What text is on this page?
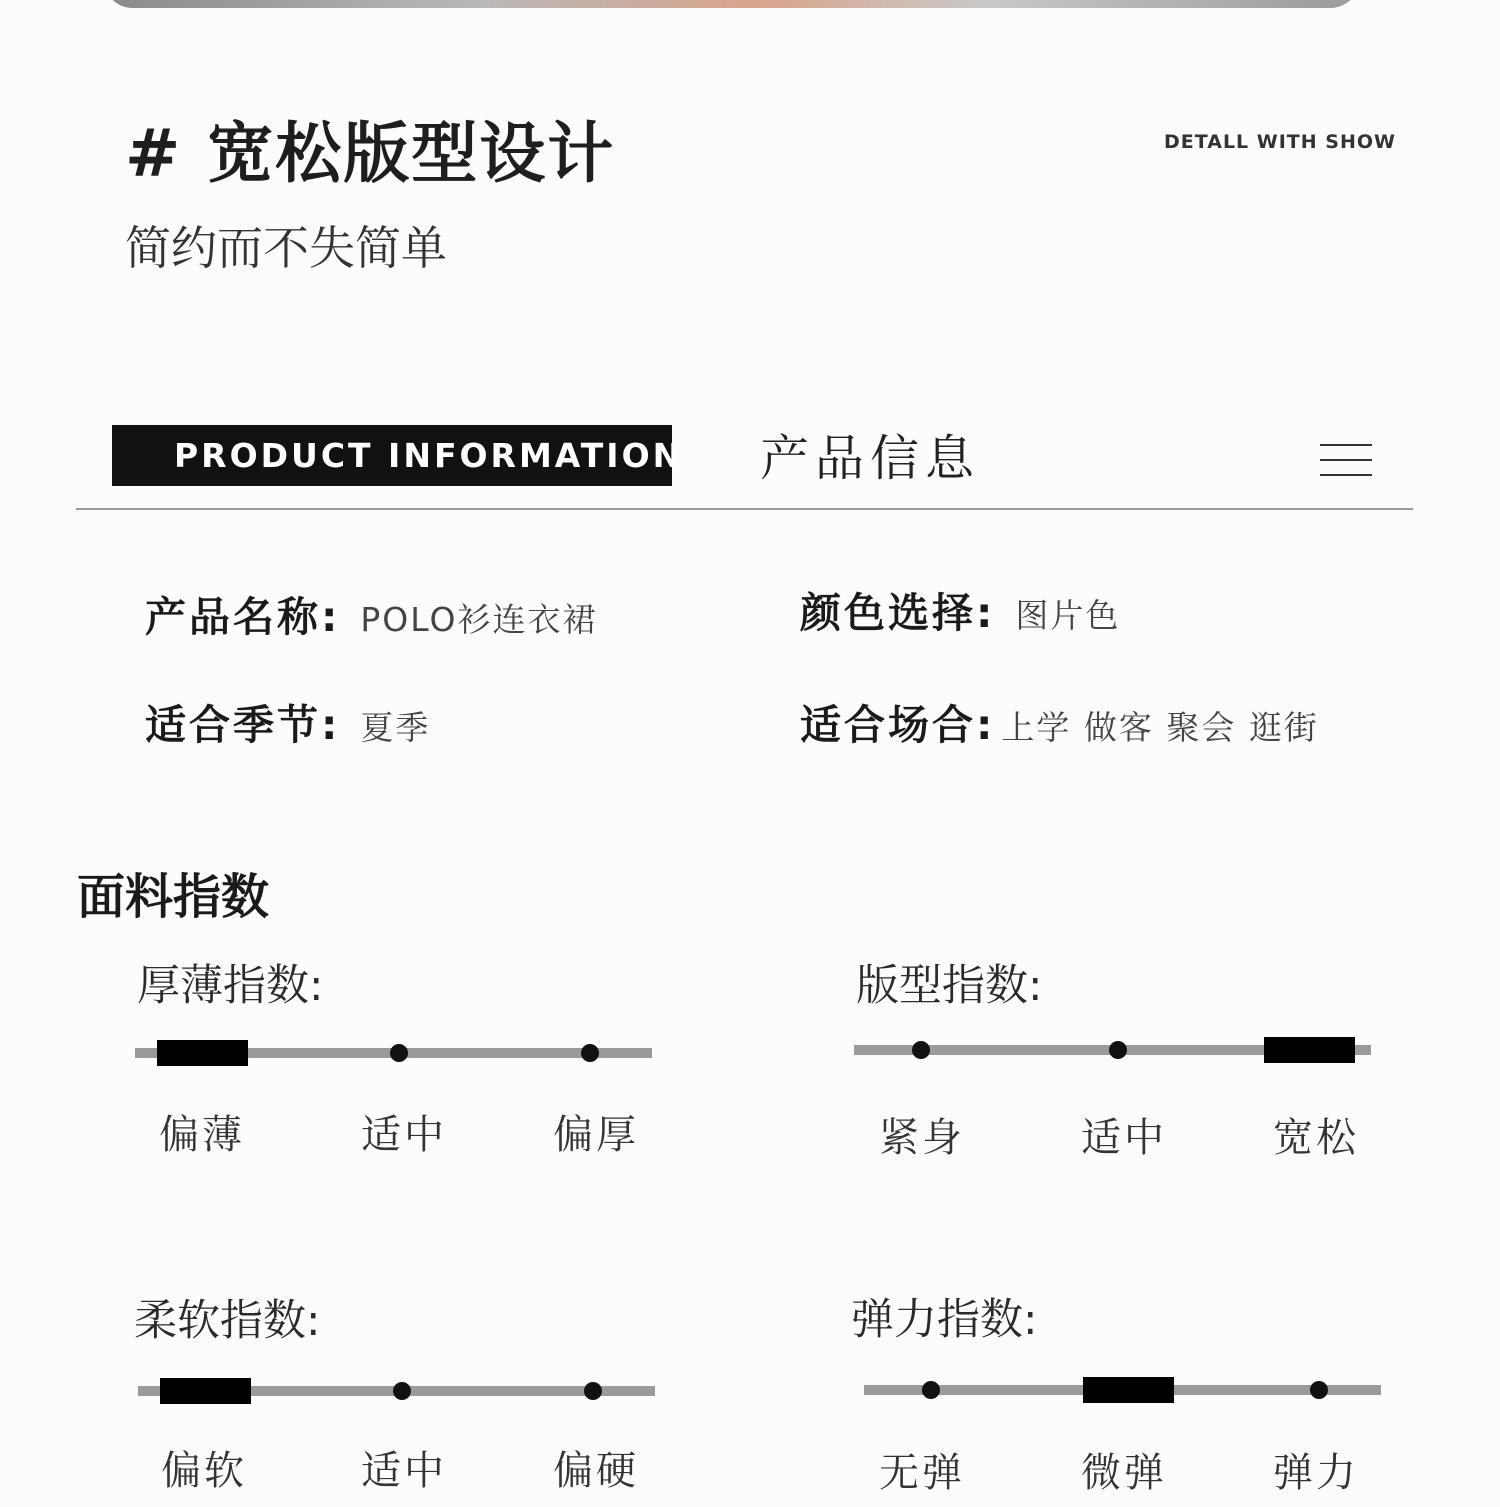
# 宽松版型设计
简约而不失简单
DETALL WITH SHOW
PRODUCT INFORMATION 产品信息
产品名称: POLO衫连衣裙	颜色选择: 图片色
适合季节: 夏季	适合场合: 上学 做客 聚会 逛街
面料指数
厚薄指数:
偏薄	适中	偏厚
版型指数:
紧身	适中	宽松
柔软指数:
偏软	适中	偏硬
弹力指数:
无弹	微弹	弹力
